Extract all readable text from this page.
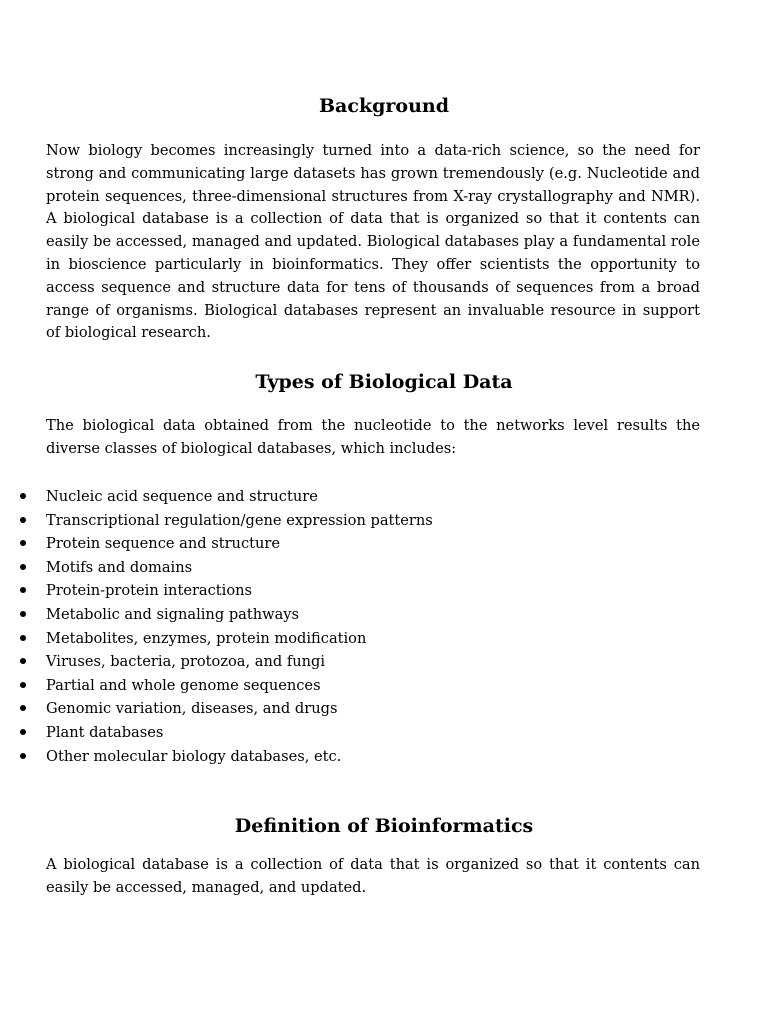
Background

Now biology becomes increasingly turned into a data-rich science, so the need for strong and communicating large datasets has grown tremendously (e.g. Nucleotide and protein sequences, three-dimensional structures from X-ray crystallography and NMR). A biological database is a collection of data that is organized so that it contents can easily be accessed, managed and updated. Biological databases play a fundamental role in bioscience particularly in bioinformatics. They offer scientists the opportunity to access sequence and structure data for tens of thousands of sequences from a broad range of organisms. Biological databases represent an invaluable resource in support of biological research.

Types of Biological Data

The biological data obtained from the nucleotide to the networks level results the diverse classes of biological databases, which includes:

Nucleic acid sequence and structure
Transcriptional regulation/gene expression patterns
Protein sequence and structure
Motifs and domains
Protein-protein interactions
Metabolic and signaling pathways
Metabolites, enzymes, protein modification
Viruses, bacteria, protozoa, and fungi
Partial and whole genome sequences
Genomic variation, diseases, and drugs
Plant databases
Other molecular biology databases, etc.
Definition of Bioinformatics

A biological database is a collection of data that is organized so that it contents can easily be accessed, managed, and updated.
